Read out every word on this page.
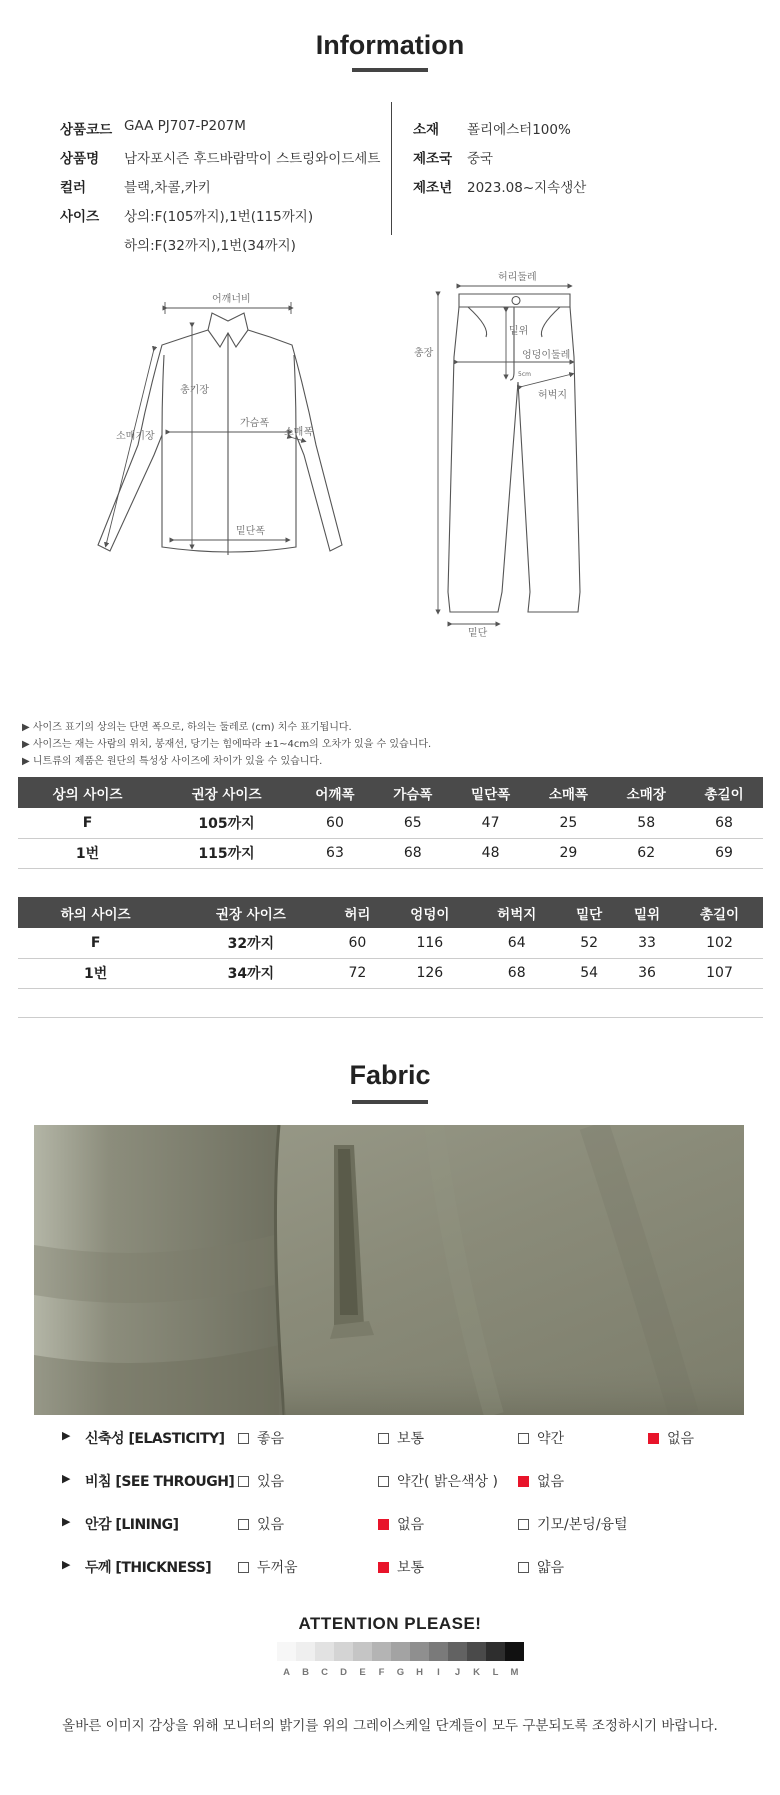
Information
상품코드 GAA PJ707-P207M
상품명 남자포시즌 후드바람막이 스트링와이드세트
컬러	블랙,차콜,카키
사이즈 상의:F(105까지),1번(115까지)
하의:F(32까지),1번(34까지)
소재 폴리에스터100%
제조국 중국
제조년 2023.08~지속생산
어깨너비
총기장
소매기장
가슴폭
소매폭
밑단폭
허리둘레
총장
밑위
엉덩이둘레
허벅지
5cm
밑단
▶ 사이즈 표기의 상의는 단면 폭으로, 하의는 둘레로 (cm) 치수 표기됩니다.
▶ 사이즈는 재는 사람의 위치, 봉재선, 당기는 힘에따라 ±1~4cm의 오차가 있을 수 있습니다.
▶ 니트류의 제품은 원단의 특성상 사이즈에 차이가 있을 수 있습니다.
상의 사이즈	권장 사이즈	어깨폭	가슴폭	밑단폭	소매폭	소매장	총길이
F	105까지	60	65	47	25	58	68
1번	115까지	63	68	48	29	62	69
하의 사이즈	권장 사이즈	허리	엉덩이	허벅지	밑단	밑위	총길이
F	32까지	60	116	64	52	33	102
1번	34까지	72	126	68	54	36	107
Fabric
▶ 신축성 [ELASTICITY]	좋음	보통	약간	없음
▶ 비침 [SEE THROUGH]	있음	약간( 밝은색상 )	없음
▶ 안감 [LINING]	있음	없음	기모/본딩/융털
▶ 두께 [THICKNESS]	두꺼움	보통	얇음
ATTENTION PLEASE!
A	B	C	D	E	F	G	H	I	J	K	L	M
올바른 이미지 감상을 위해 모니터의 밝기를 위의 그레이스케일 단계들이 모두 구분되도록 조정하시기 바랍니다.
